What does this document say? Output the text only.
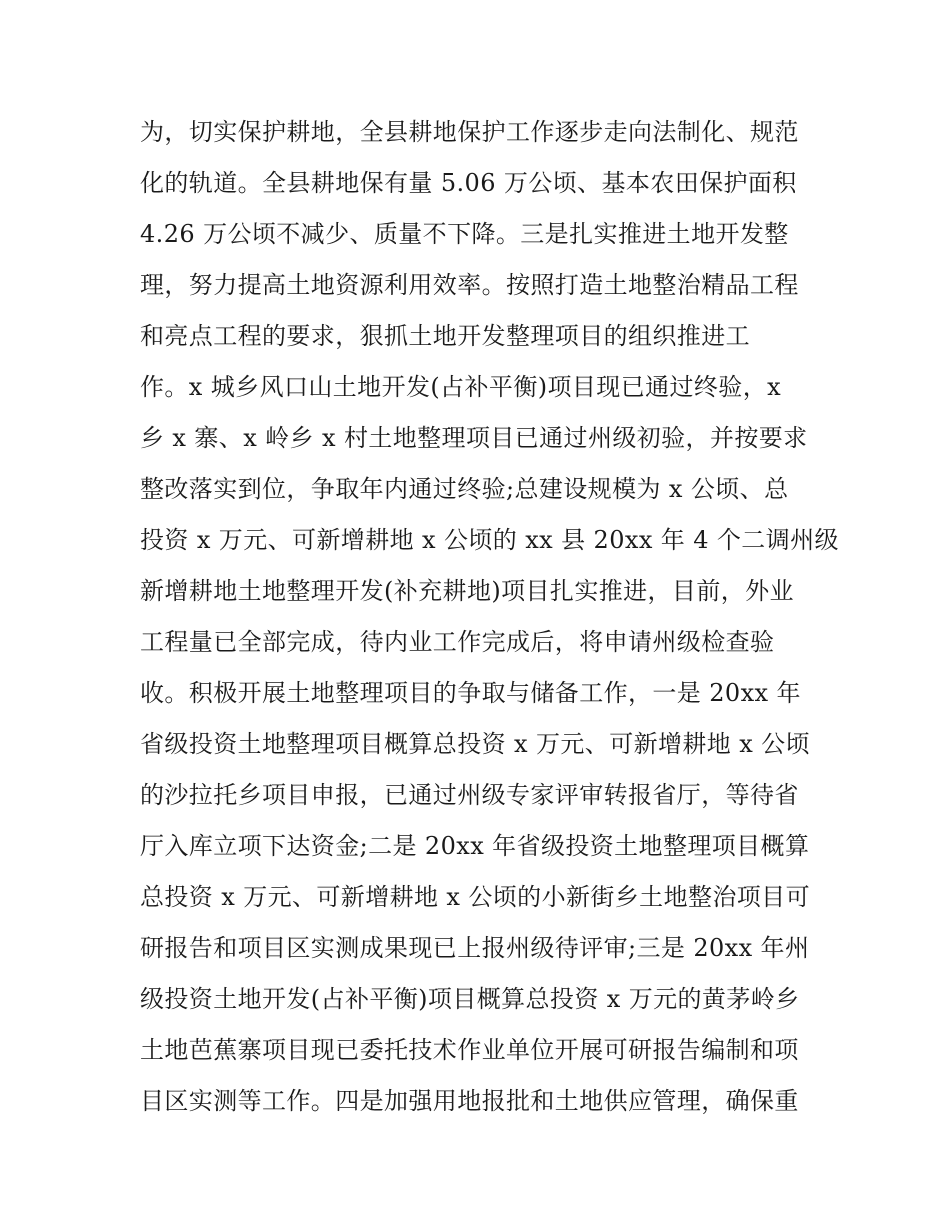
为，切实保护耕地，全县耕地保护工作逐步走向法制化、规范
化的轨道。全县耕地保有量 5.06 万公顷、基本农田保护面积
4.26 万公顷不减少、质量不下降。三是扎实推进土地开发整
理，努力提高土地资源利用效率。按照打造土地整治精品工程
和亮点工程的要求，狠抓土地开发整理项目的组织推进工
作。x 城乡风口山土地开发(占补平衡)项目现已通过终验，x
乡 x 寨、x 岭乡 x 村土地整理项目已通过州级初验，并按要求
整改落实到位，争取年内通过终验;总建设规模为 x 公顷、总
投资 x 万元、可新增耕地 x 公顷的 xx 县 20xx 年 4 个二调州级
新增耕地土地整理开发(补充耕地)项目扎实推进，目前，外业
工程量已全部完成，待内业工作完成后，将申请州级检查验
收。积极开展土地整理项目的争取与储备工作，一是 20xx 年
省级投资土地整理项目概算总投资 x 万元、可新增耕地 x 公顷
的沙拉托乡项目申报，已通过州级专家评审转报省厅，等待省
厅入库立项下达资金;二是 20xx 年省级投资土地整理项目概算
总投资 x 万元、可新增耕地 x 公顷的小新街乡土地整治项目可
研报告和项目区实测成果现已上报州级待评审;三是 20xx 年州
级投资土地开发(占补平衡)项目概算总投资 x 万元的黄茅岭乡
土地芭蕉寨项目现已委托技术作业单位开展可研报告编制和项
目区实测等工作。四是加强用地报批和土地供应管理，确保重
